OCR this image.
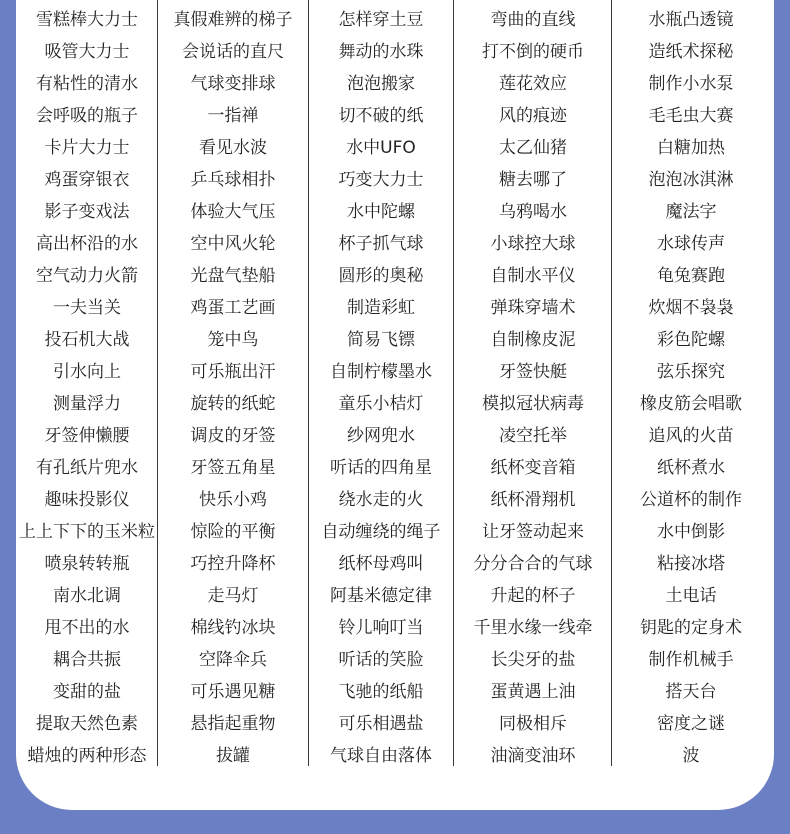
雪糕棒大力士
吸管大力士
有粘性的清水
会呼吸的瓶子
卡片大力士
鸡蛋穿银衣
影子变戏法
高出杯沿的水
空气动力火箭
一夫当关
投石机大战
引水向上
测量浮力
牙签伸懒腰
有孔纸片兜水
趣味投影仪
上上下下的玉米粒
喷泉转转瓶
南水北调
甩不出的水
耦合共振
变甜的盐
提取天然色素
蜡烛的两种形态
真假难辨的梯子
会说话的直尺
气球变排球
一指禅
看见水波
乒乓球相扑
体验大气压
空中风火轮
光盘气垫船
鸡蛋工艺画
笼中鸟
可乐瓶出汗
旋转的纸蛇
调皮的牙签
牙签五角星
快乐小鸡
惊险的平衡
巧控升降杯
走马灯
棉线钓冰块
空降伞兵
可乐遇见糖
悬指起重物
拔罐
怎样穿土豆
舞动的水珠
泡泡搬家
切不破的纸
水中UFO
巧变大力士
水中陀螺
杯子抓气球
圆形的奥秘
制造彩虹
简易飞镖
自制柠檬墨水
童乐小桔灯
纱网兜水
听话的四角星
绕水走的火
自动缠绕的绳子
纸杯母鸡叫
阿基米德定律
铃儿响叮当
听话的笑脸
飞驰的纸船
可乐相遇盐
气球自由落体
弯曲的直线
打不倒的硬币
莲花效应
风的痕迹
太乙仙猪
糖去哪了
乌鸦喝水
小球控大球
自制水平仪
弹珠穿墙术
自制橡皮泥
牙签快艇
模拟冠状病毒
凌空托举
纸杯变音箱
纸杯滑翔机
让牙签动起来
分分合合的气球
升起的杯子
千里水缘一线牵
长尖牙的盐
蛋黄遇上油
同极相斥
油滴变油环
水瓶凸透镜
造纸术探秘
制作小水泵
毛毛虫大赛
白糖加热
泡泡冰淇淋
魔法字
水球传声
龟兔赛跑
炊烟不袅袅
彩色陀螺
弦乐探究
橡皮筋会唱歌
追风的火苗
纸杯煮水
公道杯的制作
水中倒影
粘接冰塔
土电话
钥匙的定身术
制作机械手
搭天台
密度之谜
波
